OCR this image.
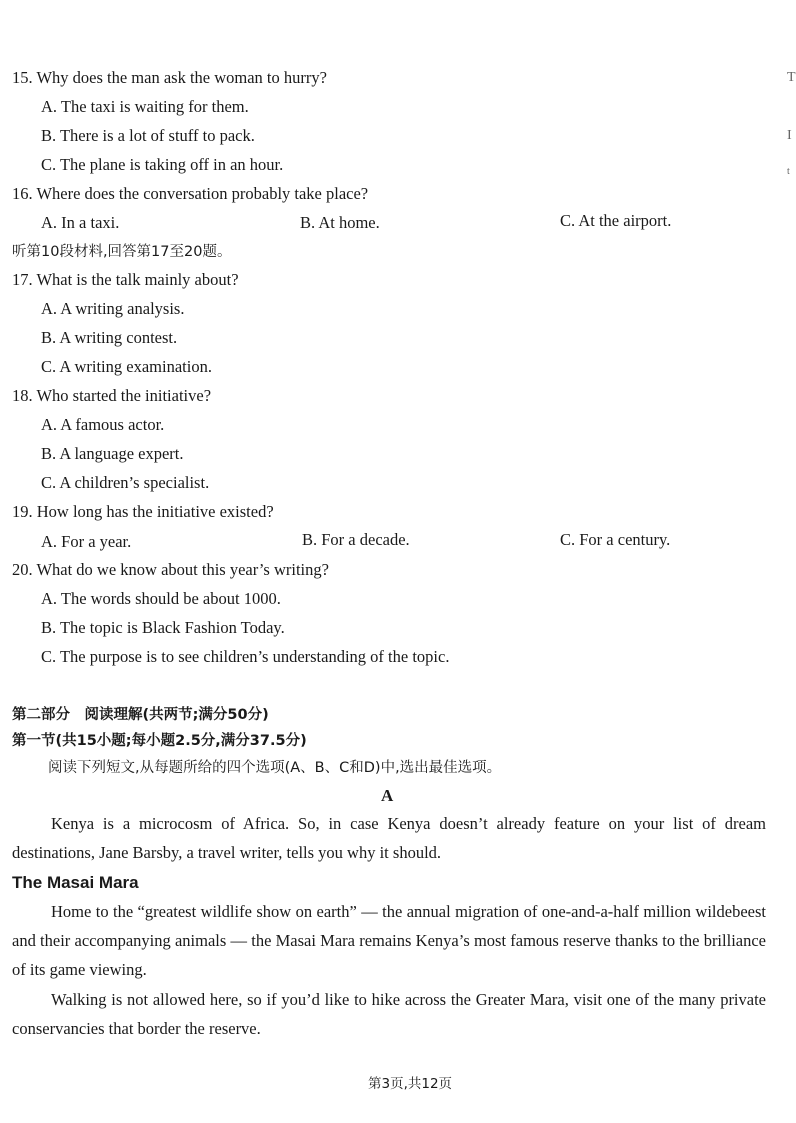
T
I
t
15. Why does the man ask the woman to hurry?
A. The taxi is waiting for them.
B. There is a lot of stuff to pack.
C. The plane is taking off in an hour.
16. Where does the conversation probably take place?
A. In a taxi.	B. At home.	C. At the airport.
听第10段材料,回答第17至20题。
17. What is the talk mainly about?
A. A writing analysis.
B. A writing contest.
C. A writing examination.
18. Who started the initiative?
A. A famous actor.
B. A language expert.
C. A children’s specialist.
19. How long has the initiative existed?
A. For a year.	B. For a decade.	C. For a century.
20. What do we know about this year’s writing?
A. The words should be about 1000.
B. The topic is Black Fashion Today.
C. The purpose is to see children’s understanding of the topic.
第二部分　阅读理解(共两节;满分50分)
第一节(共15小题;每小题2.5分,满分37.5分)
阅读下列短文,从每题所给的四个选项(A、B、C和D)中,选出最佳选项。
A
Kenya is a microcosm of Africa. So, in case Kenya doesn’t already feature on your list of dream destinations, Jane Barsby, a travel writer, tells you why it should.
The Masai Mara
Home to the “greatest wildlife show on earth” — the annual migration of one-and-a-half million wildebeest and their accompanying animals — the Masai Mara remains Kenya’s most famous reserve thanks to the brilliance of its game viewing.
Walking is not allowed here, so if you’d like to hike across the Greater Mara, visit one of the many private conservancies that border the reserve.
第3页,共12页
